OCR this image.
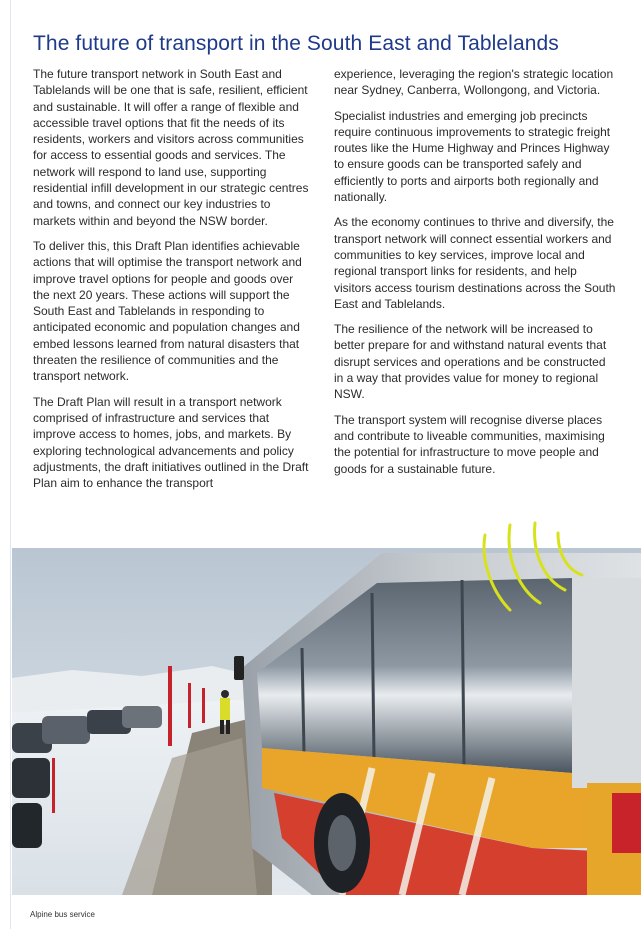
The future of transport in the South East and Tablelands

The future transport network in South East and Tablelands will be one that is safe, resilient, efficient and sustainable. It will offer a range of flexible and accessible travel options that fit the needs of its residents, workers and visitors across communities for access to essential goods and services. The network will respond to land use, supporting residential infill development in our strategic centres and towns, and connect our key industries to markets within and beyond the NSW border.

To deliver this, this Draft Plan identifies achievable actions that will optimise the transport network and improve travel options for people and goods over the next 20 years. These actions will support the South East and Tablelands in responding to anticipated economic and population changes and embed lessons learned from natural disasters that threaten the resilience of communities and the transport network.

The Draft Plan will result in a transport network comprised of infrastructure and services that improve access to homes, jobs, and markets. By exploring technological advancements and policy adjustments, the draft initiatives outlined in the Draft Plan aim to enhance the transport

experience, leveraging the region's strategic location near Sydney, Canberra, Wollongong, and Victoria.

Specialist industries and emerging job precincts require continuous improvements to strategic freight routes like the Hume Highway and Princes Highway to ensure goods can be transported safely and efficiently to ports and airports both regionally and nationally.

As the economy continues to thrive and diversify, the transport network will connect essential workers and communities to key services, improve local and regional transport links for residents, and help visitors access tourism destinations across the South East and Tablelands.

The resilience of the network will be increased to better prepare for and withstand natural events that disrupt services and operations and be constructed in a way that provides value for money to regional NSW.

The transport system will recognise diverse places and contribute to liveable communities, maximising the potential for infrastructure to move people and goods for a sustainable future.

Alpine bus service
